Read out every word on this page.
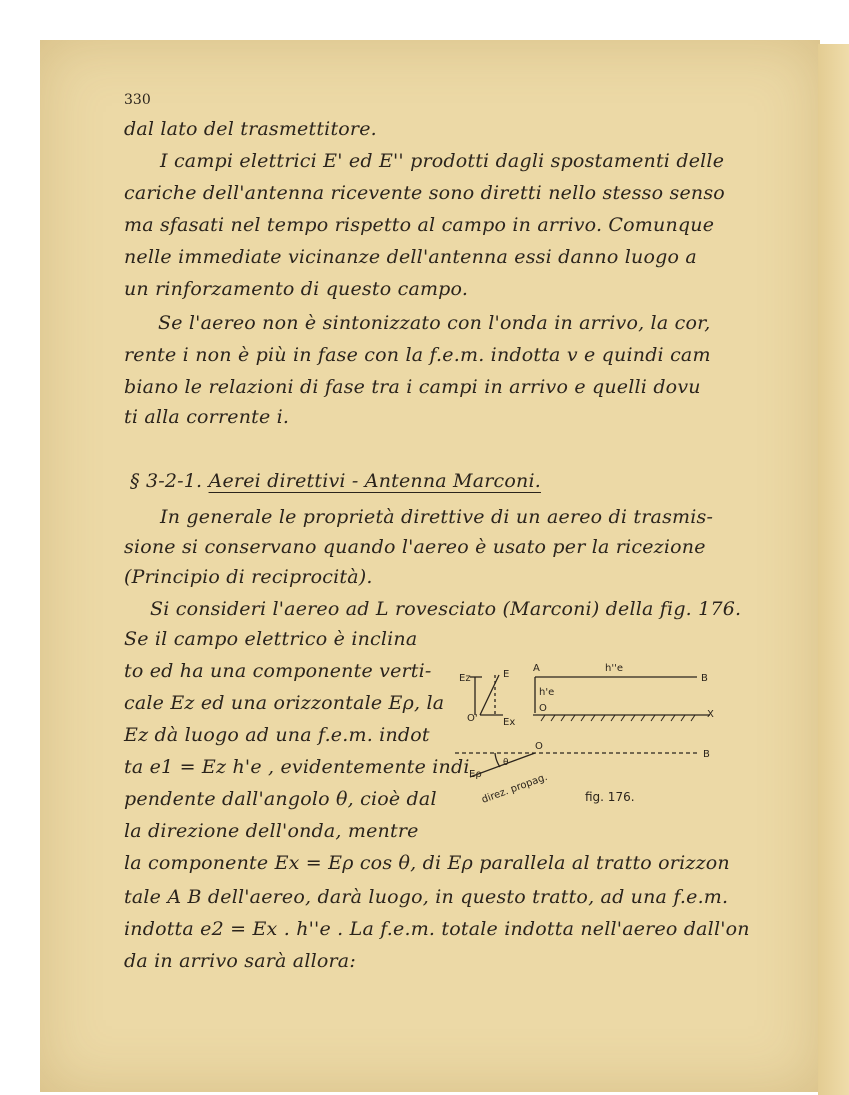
330
dal lato del trasmettitore.
I campi elettrici E' ed E'' prodotti dagli spostamenti delle
cariche dell'antenna ricevente sono diretti nello stesso senso
ma sfasati nel tempo rispetto al campo in arrivo. Comunque
nelle immediate vicinanze dell'antenna essi danno luogo a
un rinforzamento di questo campo.
Se l'aereo non è sintonizzato con l'onda in arrivo, la cor,
rente i non è più in fase con la f.e.m. indotta v e quindi cam
biano le relazioni di fase tra i campi in arrivo e quelli dovu
ti alla corrente i.
§ 3-2-1. Aerei direttivi - Antenna Marconi.
In generale le proprietà direttive di un aereo di trasmis-
sione si conservano quando l'aereo è usato per la ricezione
(Principio di reciprocità).
Si consideri l'aereo ad L rovesciato (Marconi) della fig. 176.
Se il campo elettrico è inclina
to ed ha una componente verti-
cale Ez ed una orizzontale Eρ, la
Ez dà luogo ad una f.e.m. indot
ta e1 = Ez h'e , evidentemente indi
pendente dall'angolo θ, cioè dal
la direzione dell'onda, mentre
la componente Ex = Eρ cos θ, di Eρ parallela al tratto orizzon
tale A B dell'aereo, darà luogo, in questo tratto, ad una f.e.m.
indotta e2 = Ex . h''e . La f.e.m. totale indotta nell'aereo dall'on
da in arrivo sarà allora:
Ez	E
A	h''e
B
h'e
O
O'	Ex
X
O
B
θ
Eρ
direz. propag.	fig. 176.
